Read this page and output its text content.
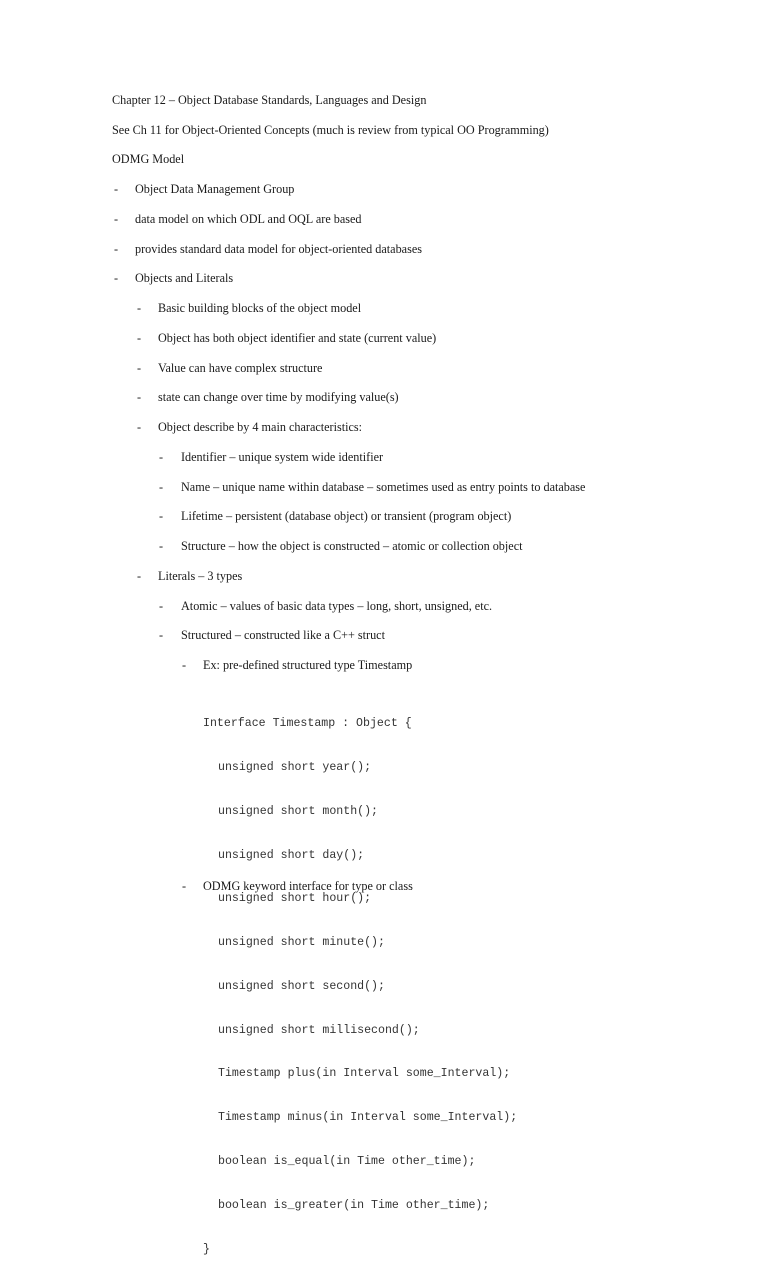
Chapter 12 – Object Database Standards, Languages and Design
See Ch 11 for Object-Oriented Concepts (much is review from typical OO Programming)
ODMG Model
- Object Data Management Group
- data model on which ODL and OQL are based
- provides standard data model for object-oriented databases
- Objects and Literals
- Basic building blocks of the object model
- Object has both object identifier and state (current value)
- Value can have complex structure
- state can change over time by modifying value(s)
- Object describe by 4 main characteristics:
- Identifier – unique system wide identifier
- Name – unique name within database – sometimes used as entry points to database
- Lifetime – persistent (database object) or transient (program object)
- Structure – how the object is constructed – atomic or collection object
- Literals – 3 types
- Atomic – values of basic data types – long, short, unsigned, etc.
- Structured – constructed like a C++ struct
- Ex: pre-defined structured type Timestamp

Interface Timestamp : Object {

unsigned short year();

unsigned short month();

unsigned short day();

unsigned short hour();

unsigned short minute();

unsigned short second();

unsigned short millisecond();

Timestamp plus(in Interval some_Interval);

Timestamp minus(in Interval some_Interval);

boolean is_equal(in Time other_time);

boolean is_greater(in Time other_time);

}

- ODMG keyword interface for type or class
